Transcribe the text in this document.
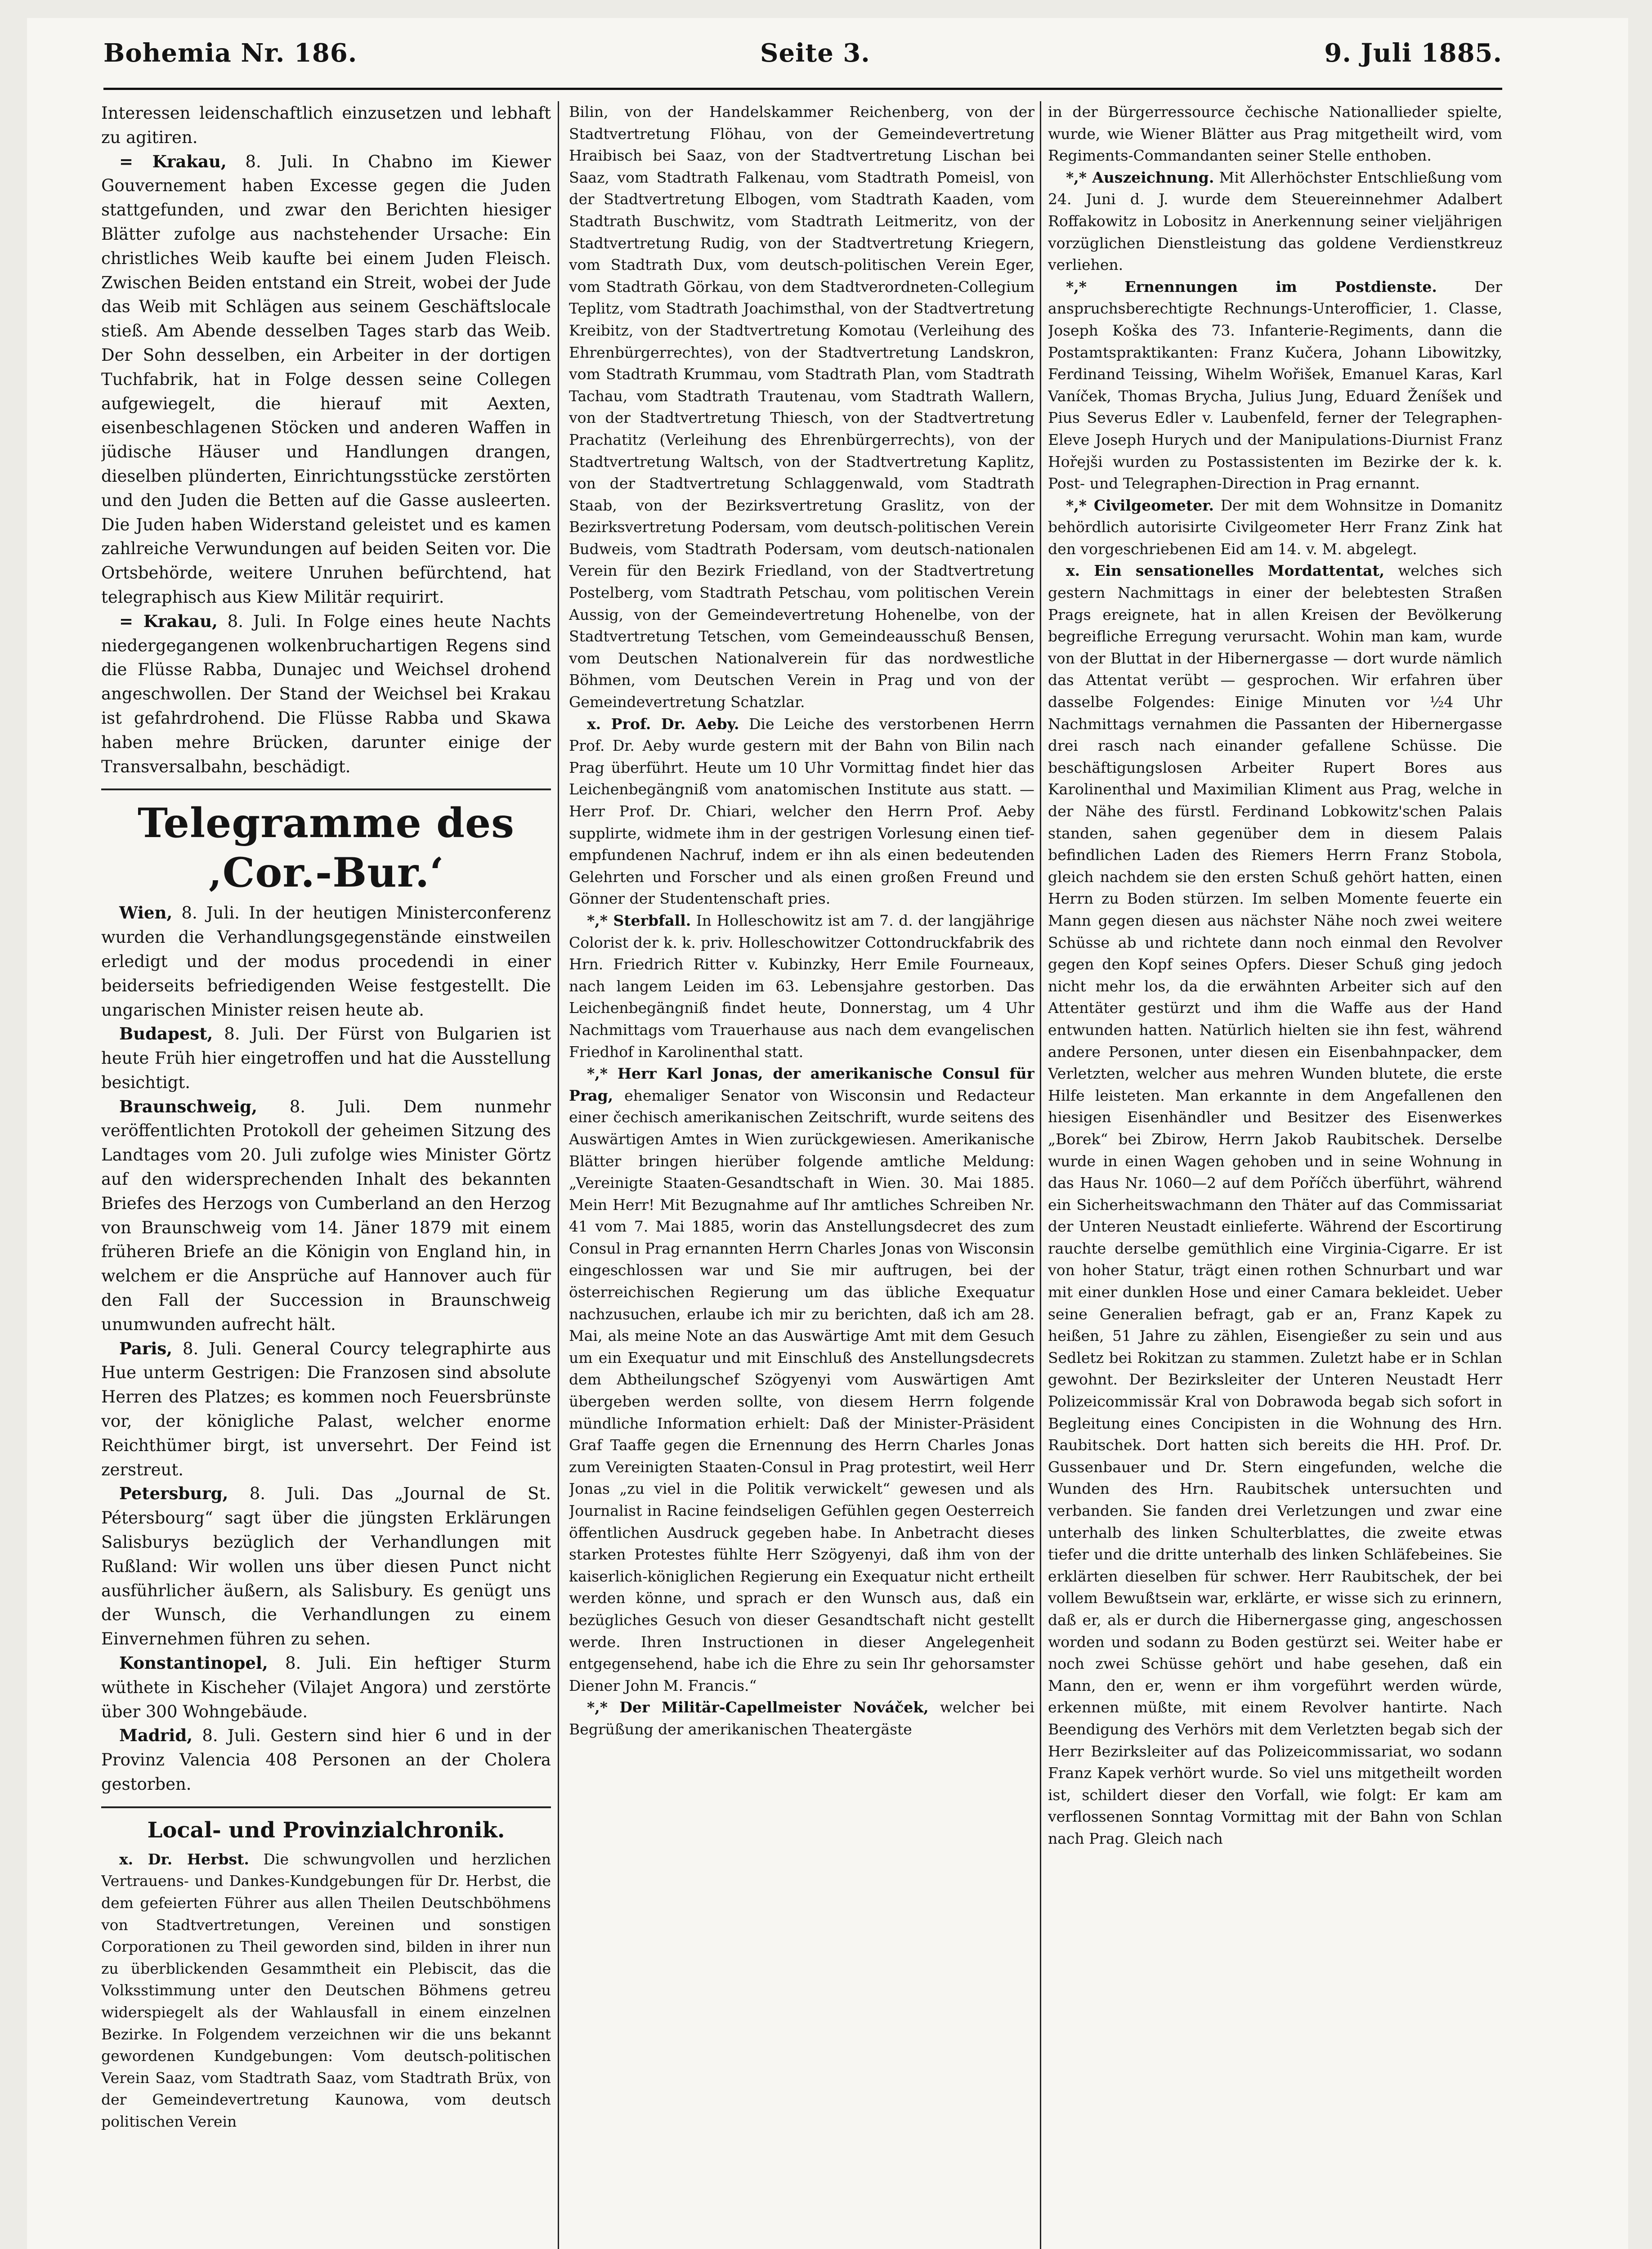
Bohemia Nr. 186.	Seite 3.	9. Juli 1885.

Interessen leidenschaftlich einzusetzen und lebhaft zu agitiren.

= Krakau, 8. Juli. In Chabno im Kiewer Gouvernement haben Excesse gegen die Juden stattgefunden, und zwar den Berichten hiesiger Blätter zufolge aus nachstehender Ursache: Ein christliches Weib kaufte bei einem Juden Fleisch. Zwischen Beiden entstand ein Streit, wobei der Jude das Weib mit Schlägen aus seinem Geschäftslocale stieß. Am Abende desselben Tages starb das Weib. Der Sohn desselben, ein Arbeiter in der dortigen Tuchfabrik, hat in Folge dessen seine Collegen aufgewiegelt, die hierauf mit Aexten, eisenbeschlagenen Stöcken und anderen Waffen in jüdische Häuser und Handlungen drangen, dieselben plünderten, Einrichtungsstücke zerstörten und den Juden die Betten auf die Gasse ausleerten. Die Juden haben Widerstand geleistet und es kamen zahlreiche Verwundungen auf beiden Seiten vor. Die Ortsbehörde, weitere Unruhen befürchtend, hat telegraphisch aus Kiew Militär requirirt.

= Krakau, 8. Juli. In Folge eines heute Nachts niedergegangenen wolkenbruchartigen Regens sind die Flüsse Rabba, Dunajec und Weichsel drohend angeschwollen. Der Stand der Weichsel bei Krakau ist gefahrdrohend. Die Flüsse Rabba und Skawa haben mehre Brücken, darunter einige der Transversalbahn, beschädigt.

Telegramme des ‚Cor.-Bur.‘

Wien, 8. Juli. In der heutigen Ministerconferenz wurden die Verhandlungsgegenstände einstweilen erledigt und der modus procedendi in einer beiderseits befriedigenden Weise festgestellt. Die ungarischen Minister reisen heute ab.

Budapest, 8. Juli. Der Fürst von Bulgarien ist heute Früh hier eingetroffen und hat die Ausstellung besichtigt.

Braunschweig, 8. Juli. Dem nunmehr veröffentlichten Protokoll der geheimen Sitzung des Landtages vom 20. Juli zufolge wies Minister Görtz auf den widersprechenden Inhalt des bekannten Briefes des Herzogs von Cumberland an den Herzog von Braunschweig vom 14. Jäner 1879 mit einem früheren Briefe an die Königin von England hin, in welchem er die Ansprüche auf Hannover auch für den Fall der Succession in Braunschweig unumwunden aufrecht hält.

Paris, 8. Juli. General Courcy telegraphirte aus Hue unterm Gestrigen: Die Franzosen sind absolute Herren des Platzes; es kommen noch Feuersbrünste vor, der königliche Palast, welcher enorme Reichthümer birgt, ist unversehrt. Der Feind ist zerstreut.

Petersburg, 8. Juli. Das „Journal de St. Pétersbourg“ sagt über die jüngsten Erklärungen Salisburys bezüglich der Verhandlungen mit Rußland: Wir wollen uns über diesen Punct nicht ausführlicher äußern, als Salisbury. Es genügt uns der Wunsch, die Verhandlungen zu einem Einvernehmen führen zu sehen.

Konstantinopel, 8. Juli. Ein heftiger Sturm wüthete in Kischeher (Vilajet Angora) und zerstörte über 300 Wohngebäude.

Madrid, 8. Juli. Gestern sind hier 6 und in der Provinz Valencia 408 Personen an der Cholera gestorben.

Local- und Provinzialchronik.

x. Dr. Herbst. Die schwungvollen und herzlichen Vertrauens- und Dankes-Kundgebungen für Dr. Herbst, die dem gefeierten Führer aus allen Theilen Deutschböhmens von Stadtvertretungen, Vereinen und sonstigen Corporationen zu Theil geworden sind, bilden in ihrer nun zu überblickenden Gesammtheit ein Plebiscit, das die Volksstimmung unter den Deutschen Böhmens getreu widerspiegelt als der Wahlausfall in einem einzelnen Bezirke. In Folgendem verzeichnen wir die uns bekannt gewordenen Kundgebungen: Vom deutsch-politischen Verein Saaz, vom Stadtrath Saaz, vom Stadtrath Brüx, von der Gemeindevertretung Kaunowa, vom deutsch politischen Verein

Bilin, von der Handelskammer Reichenberg, von der Stadtvertretung Flöhau, von der Gemeindevertretung Hraibisch bei Saaz, von der Stadtvertretung Lischan bei Saaz, vom Stadtrath Falkenau, vom Stadtrath Pomeisl, von der Stadtvertretung Elbogen, vom Stadtrath Kaaden, vom Stadtrath Buschwitz, vom Stadtrath Leitmeritz, von der Stadtvertretung Rudig, von der Stadtvertretung Kriegern, vom Stadtrath Dux, vom deutsch-politischen Verein Eger, vom Stadtrath Görkau, von dem Stadtverordneten-Collegium Teplitz, vom Stadtrath Joachimsthal, von der Stadtvertretung Kreibitz, von der Stadtvertretung Komotau (Verleihung des Ehrenbürgerrechtes), von der Stadtvertretung Landskron, vom Stadtrath Krummau, vom Stadtrath Plan, vom Stadtrath Tachau, vom Stadtrath Trautenau, vom Stadtrath Wallern, von der Stadtvertretung Thiesch, von der Stadtvertretung Prachatitz (Verleihung des Ehrenbürgerrechts), von der Stadtvertretung Waltsch, von der Stadtvertretung Kaplitz, von der Stadtvertretung Schlaggenwald, vom Stadtrath Staab, von der Bezirksvertretung Graslitz, von der Bezirksvertretung Podersam, vom deutsch-politischen Verein Budweis, vom Stadtrath Podersam, vom deutsch-nationalen Verein für den Bezirk Friedland, von der Stadtvertretung Postelberg, vom Stadtrath Petschau, vom politischen Verein Aussig, von der Gemeindevertretung Hohenelbe, von der Stadtvertretung Tetschen, vom Gemeindeausschuß Bensen, vom Deutschen Nationalverein für das nordwestliche Böhmen, vom Deutschen Verein in Prag und von der Gemeindevertretung Schatzlar.

x. Prof. Dr. Aeby. Die Leiche des verstorbenen Herrn Prof. Dr. Aeby wurde gestern mit der Bahn von Bilin nach Prag überführt. Heute um 10 Uhr Vormittag findet hier das Leichenbegängniß vom anatomischen Institute aus statt. — Herr Prof. Dr. Chiari, welcher den Herrn Prof. Aeby supplirte, widmete ihm in der gestrigen Vorlesung einen tief-empfundenen Nachruf, indem er ihn als einen bedeutenden Gelehrten und Forscher und als einen großen Freund und Gönner der Studentenschaft pries.

*,* Sterbfall. In Holleschowitz ist am 7. d. der langjährige Colorist der k. k. priv. Holleschowitzer Cottondruckfabrik des Hrn. Friedrich Ritter v. Kubinzky, Herr Emile Fourneaux, nach langem Leiden im 63. Lebensjahre gestorben. Das Leichenbegängniß findet heute, Donnerstag, um 4 Uhr Nachmittags vom Trauerhause aus nach dem evangelischen Friedhof in Karolinenthal statt.

*,* Herr Karl Jonas, der amerikanische Consul für Prag, ehemaliger Senator von Wisconsin und Redacteur einer čechisch amerikanischen Zeitschrift, wurde seitens des Auswärtigen Amtes in Wien zurückgewiesen. Amerikanische Blätter bringen hierüber folgende amtliche Meldung: „Vereinigte Staaten-Gesandtschaft in Wien. 30. Mai 1885. Mein Herr! Mit Bezugnahme auf Ihr amtliches Schreiben Nr. 41 vom 7. Mai 1885, worin das Anstellungsdecret des zum Consul in Prag ernannten Herrn Charles Jonas von Wisconsin eingeschlossen war und Sie mir auftrugen, bei der österreichischen Regierung um das übliche Exequatur nachzusuchen, erlaube ich mir zu berichten, daß ich am 28. Mai, als meine Note an das Auswärtige Amt mit dem Gesuch um ein Exequatur und mit Einschluß des Anstellungsdecrets dem Abtheilungschef Szögyenyi vom Auswärtigen Amt übergeben werden sollte, von diesem Herrn folgende mündliche Information erhielt: Daß der Minister-Präsident Graf Taaffe gegen die Ernennung des Herrn Charles Jonas zum Vereinigten Staaten-Consul in Prag protestirt, weil Herr Jonas „zu viel in die Politik verwickelt“ gewesen und als Journalist in Racine feindseligen Gefühlen gegen Oesterreich öffentlichen Ausdruck gegeben habe. In Anbetracht dieses starken Protestes fühlte Herr Szögyenyi, daß ihm von der kaiserlich-königlichen Regierung ein Exequatur nicht ertheilt werden könne, und sprach er den Wunsch aus, daß ein bezügliches Gesuch von dieser Gesandtschaft nicht gestellt werde. Ihren Instructionen in dieser Angelegenheit entgegensehend, habe ich die Ehre zu sein Ihr gehorsamster Diener John M. Francis.“

*,* Der Militär-Capellmeister Nováček, welcher bei Begrüßung der amerikanischen Theatergäste

in der Bürgerressource čechische Nationallieder spielte, wurde, wie Wiener Blätter aus Prag mitgetheilt wird, vom Regiments-Commandanten seiner Stelle enthoben.

*,* Auszeichnung. Mit Allerhöchster Entschließung vom 24. Juni d. J. wurde dem Steuereinnehmer Adalbert Roffakowitz in Lobositz in Anerkennung seiner vieljährigen vorzüglichen Dienstleistung das goldene Verdienstkreuz verliehen.

*,* Ernennungen im Postdienste. Der anspruchsberechtigte Rechnungs-Unterofficier, 1. Classe, Joseph Koška des 73. Infanterie-Regiments, dann die Postamtspraktikanten: Franz Kučera, Johann Libowitzky, Ferdinand Teissing, Wihelm Wořišek, Emanuel Karas, Karl Vaníček, Thomas Brycha, Julius Jung, Eduard Ženíšek und Pius Severus Edler v. Laubenfeld, ferner der Telegraphen-Eleve Joseph Hurych und der Manipulations-Diurnist Franz Hořejši wurden zu Postassistenten im Bezirke der k. k. Post- und Telegraphen-Direction in Prag ernannt.

*,* Civilgeometer. Der mit dem Wohnsitze in Domanitz behördlich autorisirte Civilgeometer Herr Franz Zink hat den vorgeschriebenen Eid am 14. v. M. abgelegt.

x. Ein sensationelles Mordattentat, welches sich gestern Nachmittags in einer der belebtesten Straßen Prags ereignete, hat in allen Kreisen der Bevölkerung begreifliche Erregung verursacht. Wohin man kam, wurde von der Bluttat in der Hibernergasse — dort wurde nämlich das Attentat verübt — gesprochen. Wir erfahren über dasselbe Folgendes: Einige Minuten vor ½4 Uhr Nachmittags vernahmen die Passanten der Hibernergasse drei rasch nach einander gefallene Schüsse. Die beschäftigungslosen Arbeiter Rupert Bores aus Karolinenthal und Maximilian Kliment aus Prag, welche in der Nähe des fürstl. Ferdinand Lobkowitz'schen Palais standen, sahen gegenüber dem in diesem Palais befindlichen Laden des Riemers Herrn Franz Stobola, gleich nachdem sie den ersten Schuß gehört hatten, einen Herrn zu Boden stürzen. Im selben Momente feuerte ein Mann gegen diesen aus nächster Nähe noch zwei weitere Schüsse ab und richtete dann noch einmal den Revolver gegen den Kopf seines Opfers. Dieser Schuß ging jedoch nicht mehr los, da die erwähnten Arbeiter sich auf den Attentäter gestürzt und ihm die Waffe aus der Hand entwunden hatten. Natürlich hielten sie ihn fest, während andere Personen, unter diesen ein Eisenbahnpacker, dem Verletzten, welcher aus mehren Wunden blutete, die erste Hilfe leisteten. Man erkannte in dem Angefallenen den hiesigen Eisenhändler und Besitzer des Eisenwerkes „Borek“ bei Zbirow, Herrn Jakob Raubitschek. Derselbe wurde in einen Wagen gehoben und in seine Wohnung in das Haus Nr. 1060—2 auf dem Poříčch überführt, während ein Sicherheitswachmann den Thäter auf das Commissariat der Unteren Neustadt einlieferte. Während der Escortirung rauchte derselbe gemüthlich eine Virginia-Cigarre. Er ist von hoher Statur, trägt einen rothen Schnurbart und war mit einer dunklen Hose und einer Camara bekleidet. Ueber seine Generalien befragt, gab er an, Franz Kapek zu heißen, 51 Jahre zu zählen, Eisengießer zu sein und aus Sedletz bei Rokitzan zu stammen. Zuletzt habe er in Schlan gewohnt. Der Bezirksleiter der Unteren Neustadt Herr Polizeicommissär Kral von Dobrawoda begab sich sofort in Begleitung eines Concipisten in die Wohnung des Hrn. Raubitschek. Dort hatten sich bereits die HH. Prof. Dr. Gussenbauer und Dr. Stern eingefunden, welche die Wunden des Hrn. Raubitschek untersuchten und verbanden. Sie fanden drei Verletzungen und zwar eine unterhalb des linken Schulterblattes, die zweite etwas tiefer und die dritte unterhalb des linken Schläfebeines. Sie erklärten dieselben für schwer. Herr Raubitschek, der bei vollem Bewußtsein war, erklärte, er wisse sich zu erinnern, daß er, als er durch die Hibernergasse ging, angeschossen worden und sodann zu Boden gestürzt sei. Weiter habe er noch zwei Schüsse gehört und habe gesehen, daß ein Mann, den er, wenn er ihm vorgeführt werden würde, erkennen müßte, mit einem Revolver hantirte. Nach Beendigung des Verhörs mit dem Verletzten begab sich der Herr Bezirksleiter auf das Polizeicommissariat, wo sodann Franz Kapek verhört wurde. So viel uns mitgetheilt worden ist, schildert dieser den Vorfall, wie folgt: Er kam am verflossenen Sonntag Vormittag mit der Bahn von Schlan nach Prag. Gleich nach
